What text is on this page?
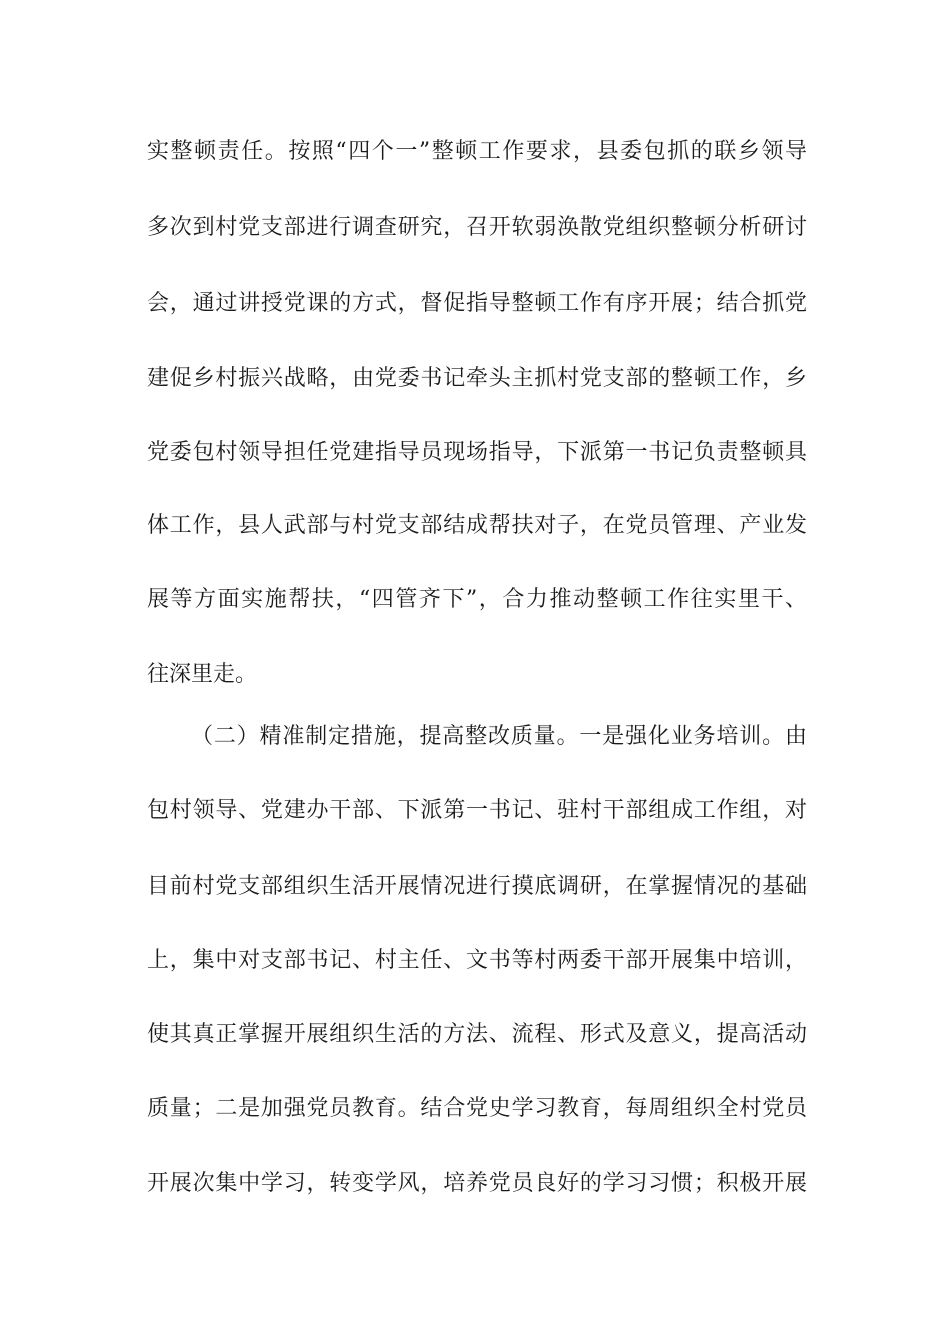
实整顿责任。按照“四个一”整顿工作要求，县委包抓的联乡领导
多次到村党支部进行调查研究，召开软弱涣散党组织整顿分析研讨
会，通过讲授党课的方式，督促指导整顿工作有序开展；结合抓党
建促乡村振兴战略，由党委书记牵头主抓村党支部的整顿工作，乡
党委包村领导担任党建指导员现场指导，下派第一书记负责整顿具
体工作，县人武部与村党支部结成帮扶对子，在党员管理、产业发
展等方面实施帮扶，“四管齐下”，合力推动整顿工作往实里干、
往深里走。
（二）精准制定措施，提高整改质量。一是强化业务培训。由
包村领导、党建办干部、下派第一书记、驻村干部组成工作组，对
目前村党支部组织生活开展情况进行摸底调研，在掌握情况的基础
上，集中对支部书记、村主任、文书等村两委干部开展集中培训，
使其真正掌握开展组织生活的方法、流程、形式及意义，提高活动
质量；二是加强党员教育。结合党史学习教育，每周组织全村党员
开展次集中学习，转变学风，培养党员良好的学习习惯；积极开展
